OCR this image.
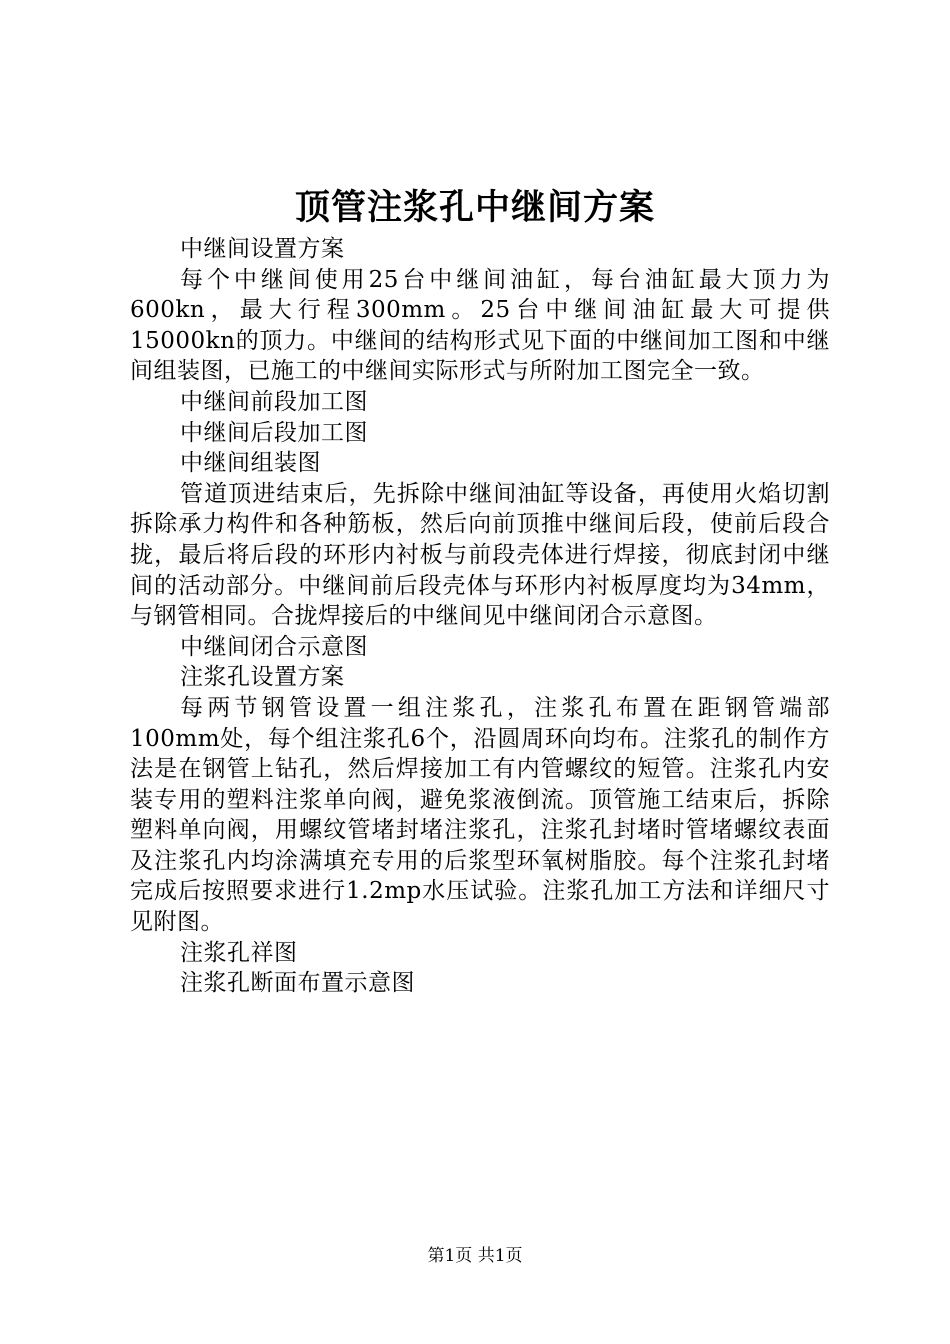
顶管注浆孔中继间方案

中继间设置方案

每个中继间使用25台中继间油缸，每台油缸最大顶力为600kn，最大行程300mm。25台中继间油缸最大可提供15000kn的顶力。中继间的结构形式见下面的中继间加工图和中继间组装图，已施工的中继间实际形式与所附加工图完全一致。

中继间前段加工图

中继间后段加工图

中继间组装图

管道顶进结束后，先拆除中继间油缸等设备，再使用火焰切割拆除承力构件和各种筋板，然后向前顶推中继间后段，使前后段合拢，最后将后段的环形内衬板与前段壳体进行焊接，彻底封闭中继间的活动部分。中继间前后段壳体与环形内衬板厚度均为34mm，与钢管相同。合拢焊接后的中继间见中继间闭合示意图。

中继间闭合示意图

注浆孔设置方案

每两节钢管设置一组注浆孔，注浆孔布置在距钢管端部100mm处，每个组注浆孔6个，沿圆周环向均布。注浆孔的制作方法是在钢管上钻孔，然后焊接加工有内管螺纹的短管。注浆孔内安装专用的塑料注浆单向阀，避免浆液倒流。顶管施工结束后，拆除塑料单向阀，用螺纹管堵封堵注浆孔，注浆孔封堵时管堵螺纹表面及注浆孔内均涂满填充专用的后浆型环氧树脂胶。每个注浆孔封堵完成后按照要求进行1.2mp水压试验。注浆孔加工方法和详细尺寸见附图。

注浆孔祥图

注浆孔断面布置示意图

第1页 共1页
